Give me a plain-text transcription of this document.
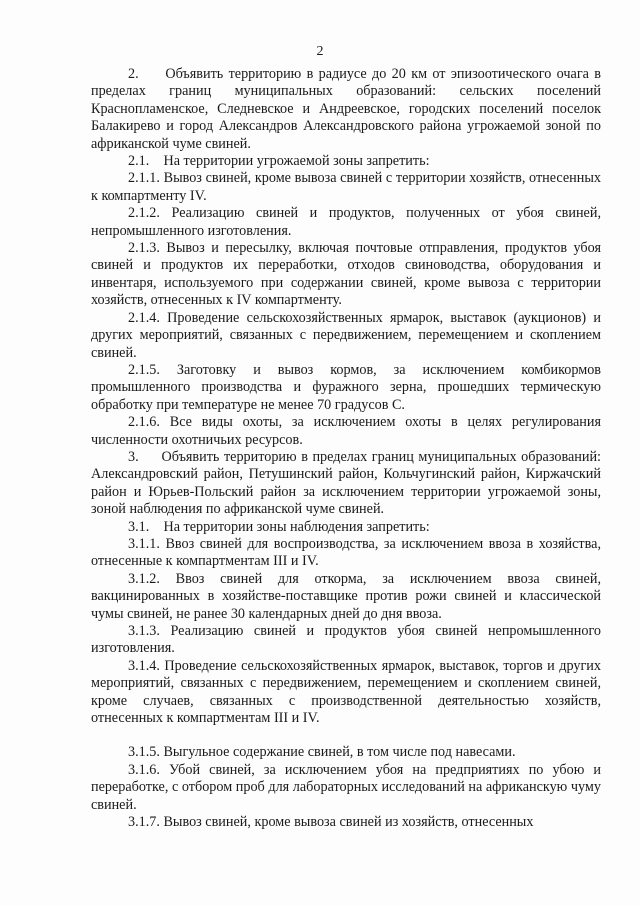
2

2.     Объявить территорию в радиусе до 20 км от эпизоотического очага в пределах границ муниципальных образований: сельских поселений Краснопламенское, Следневское и Андреевское, городских поселений поселок Балакирево и город Александров Александровского района угрожаемой зоной по африканской чуме свиней.

2.1.    На территории угрожаемой зоны запретить:

2.1.1. Вывоз свиней, кроме вывоза свиней с территории хозяйств, отнесенных к компартменту IV.

2.1.2. Реализацию свиней и продуктов, полученных от убоя свиней, непромышленного изготовления.

2.1.3. Вывоз и пересылку, включая почтовые отправления, продуктов убоя свиней и продуктов их переработки, отходов свиноводства, оборудования и инвентаря, используемого при содержании свиней, кроме вывоза с территории хозяйств, отнесенных к IV компартменту.

2.1.4. Проведение сельскохозяйственных ярмарок, выставок (аукционов) и других мероприятий, связанных с передвижением, перемещением и скоплением свиней.

2.1.5. Заготовку и вывоз кормов, за исключением комбикормов промышленного производства и фуражного зерна, прошедших термическую обработку при температуре не менее 70 градусов С.

2.1.6. Все виды охоты, за исключением охоты в целях регулирования численности охотничьих ресурсов.

3.     Объявить территорию в пределах границ муниципальных образований: Александровский район, Петушинский район, Кольчугинский район, Киржачский район и Юрьев-Польский район за исключением территории угрожаемой зоны, зоной наблюдения по африканской чуме свиней.

3.1.    На территории зоны наблюдения запретить:

3.1.1. Ввоз свиней для воспроизводства, за исключением ввоза в хозяйства, отнесенные к компартментам III и IV.

3.1.2. Ввоз свиней для откорма, за исключением ввоза свиней, вакцинированных в хозяйстве-поставщике против рожи свиней и классической чумы свиней, не ранее 30 календарных дней до дня ввоза.

3.1.3. Реализацию свиней и продуктов убоя свиней непромышленного изготовления.

3.1.4. Проведение сельскохозяйственных ярмарок, выставок, торгов и других мероприятий, связанных с передвижением, перемещением и скоплением свиней, кроме случаев, связанных с производственной деятельностью хозяйств, отнесенных к компартментам III и IV.

3.1.5. Выгульное содержание свиней, в том числе под навесами.

3.1.6. Убой свиней, за исключением убоя на предприятиях по убою и переработке, с отбором проб для лабораторных исследований на африканскую чуму свиней.

3.1.7. Вывоз свиней, кроме вывоза свиней из хозяйств, отнесенных
